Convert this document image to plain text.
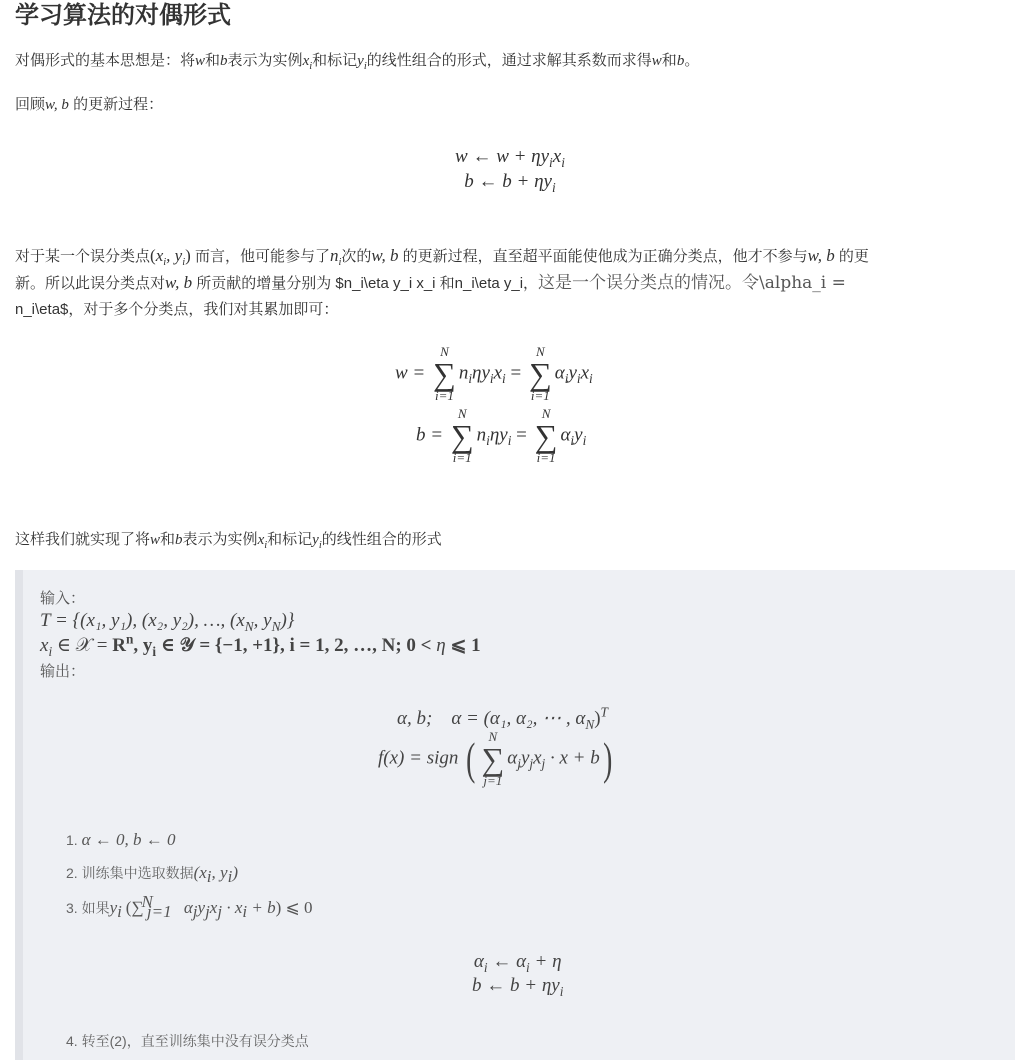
学习算法的对偶形式
对偶形式的基本思想是：将w和b表示为实例$x_i$和标记$y_i$的线性组合的形式，通过求解其系数而求得w和b。
回顾w, b 的更新过程：
w ← $w + \eta y_ix_i$
b ← $b + \eta y_i$
对于某一个误分类点($x_i$, $y_i$) 而言，他可能参与了$n_i$次的w, b 的更新过程，直至超平面能使他成为正确分类点，他才不参与w, b 的更
新。所以此误分类点对w, b 所贡献的增量分别为 $n_i\eta y_i x_i 和n_i\eta y_i，这是一个误分类点的情况。令\alpha_i =
n_i\eta$，对于多个分类点，我们对其累加即可：
w =
N
∑
i=1
$n_i\eta y_ix_i$ =
N
∑
i=1
$\alpha_iy_ix_i$
b =
N
∑
i=1
$n_i\eta y_i$ =
N
∑
i=1
$\alpha_iy_i$
这样我们就实现了将w和b表示为实例$x_i$和标记$y_i$的线性组合的形式
输入：
T = {(x₁, y₁), (x₂, y₂), …, ($x_N$, $y_N$)}
$x_i$ ∈ 𝒳 = $R^n$, $y_i$ ∈ 𝒴 = {−1, +1}, i = 1, 2, …, N; 0 < η ⩽ 1
输出：
α, b; α = (α₁, α₂, ⋯ , $\alpha_N)^T$
f(x) = sign (	N
∑
j=1
$\alpha_jy_jx_j \cdot x + b$)
1. α ← 0, b ← 0
2. 训练集中选取数据($x_i$, $y_i$)
3. 如果$y_i$ (∑$^N_{j=1}$ $\alpha_jy_jx_j \cdot x_i + b$) ⩽ 0
$\alpha_i$ ← $\alpha_i + \eta$
b ← $b + \eta y_i$
4. 转至(2)，直至训练集中没有误分类点
